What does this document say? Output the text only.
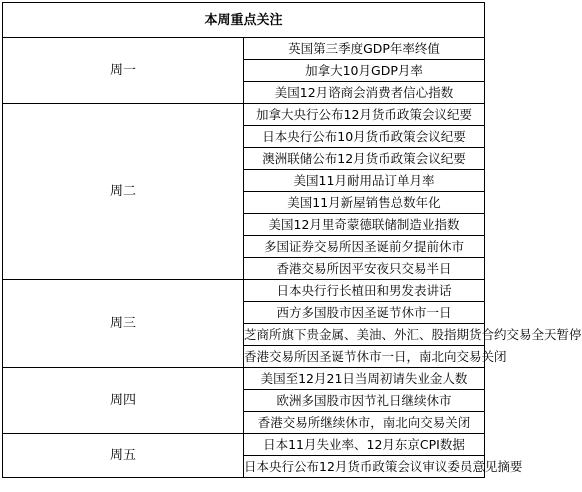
本周重点关注	
周一	英国第三季度GDP年率终值
	加拿大10月GDP月率
	美国12月谘商会消费者信心指数
周二	加拿大央行公布12月货币政策会议纪要
	日本央行公布10月货币政策会议纪要
	澳洲联储公布12月货币政策会议纪要
	美国11月耐用品订单月率
	美国11月新屋销售总数年化
	美国12月里奇蒙德联储制造业指数
	多国证券交易所因圣诞前夕提前休市
	香港交易所因平安夜只交易半日
周三	日本央行行长植田和男发表讲话
	西方多国股市因圣诞节休市一日
	芝商所旗下贵金属、美油、外汇、股指期货合约交易全天暂停
	香港交易所因圣诞节休市一日，南北向交易关闭
周四	美国至12月21日当周初请失业金人数
	欧洲多国股市因节礼日继续休市
	香港交易所继续休市，南北向交易关闭
周五	日本11月失业率、12月东京CPI数据
	日本央行公布12月货币政策会议审议委员意见摘要
